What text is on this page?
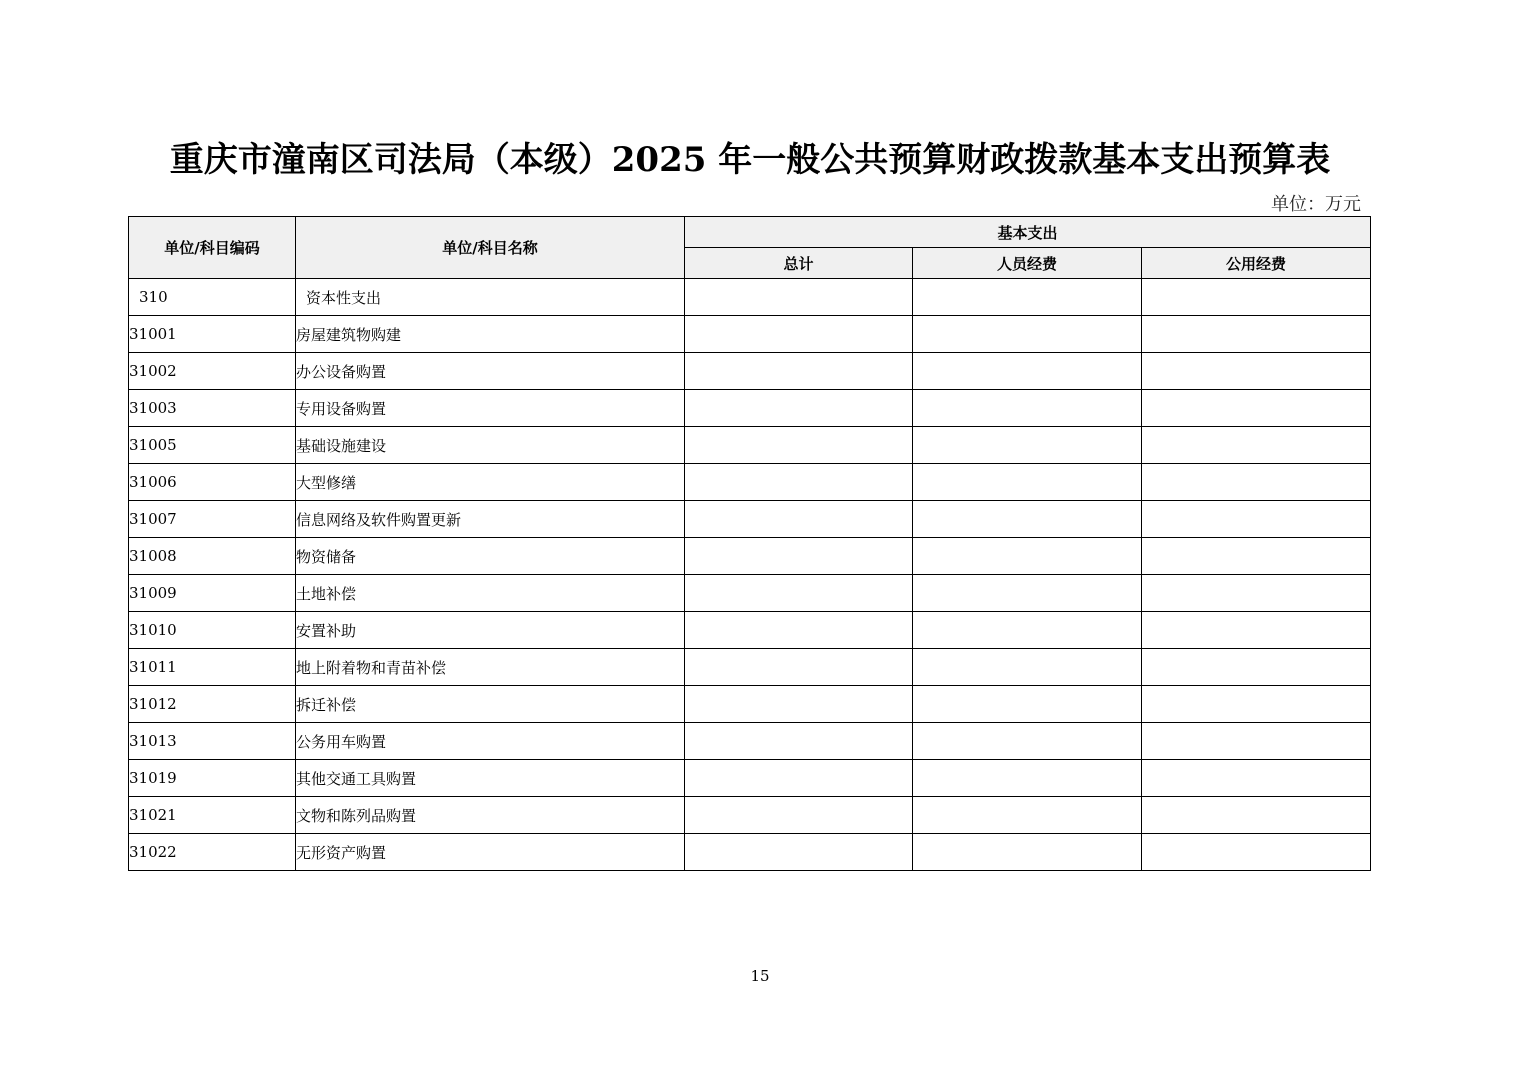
重庆市潼南区司法局（本级）2025 年一般公共预算财政拨款基本支出预算表
单位：万元
单位/科目编码	单位/科目名称	基本支出		
		总计	人员经费	公用经费
310	资本性支出			
31001	房屋建筑物购建			
31002	办公设备购置			
31003	专用设备购置			
31005	基础设施建设			
31006	大型修缮			
31007	信息网络及软件购置更新			
31008	物资储备			
31009	土地补偿			
31010	安置补助			
31011	地上附着物和青苗补偿			
31012	拆迁补偿			
31013	公务用车购置			
31019	其他交通工具购置			
31021	文物和陈列品购置			
31022	无形资产购置			
15
